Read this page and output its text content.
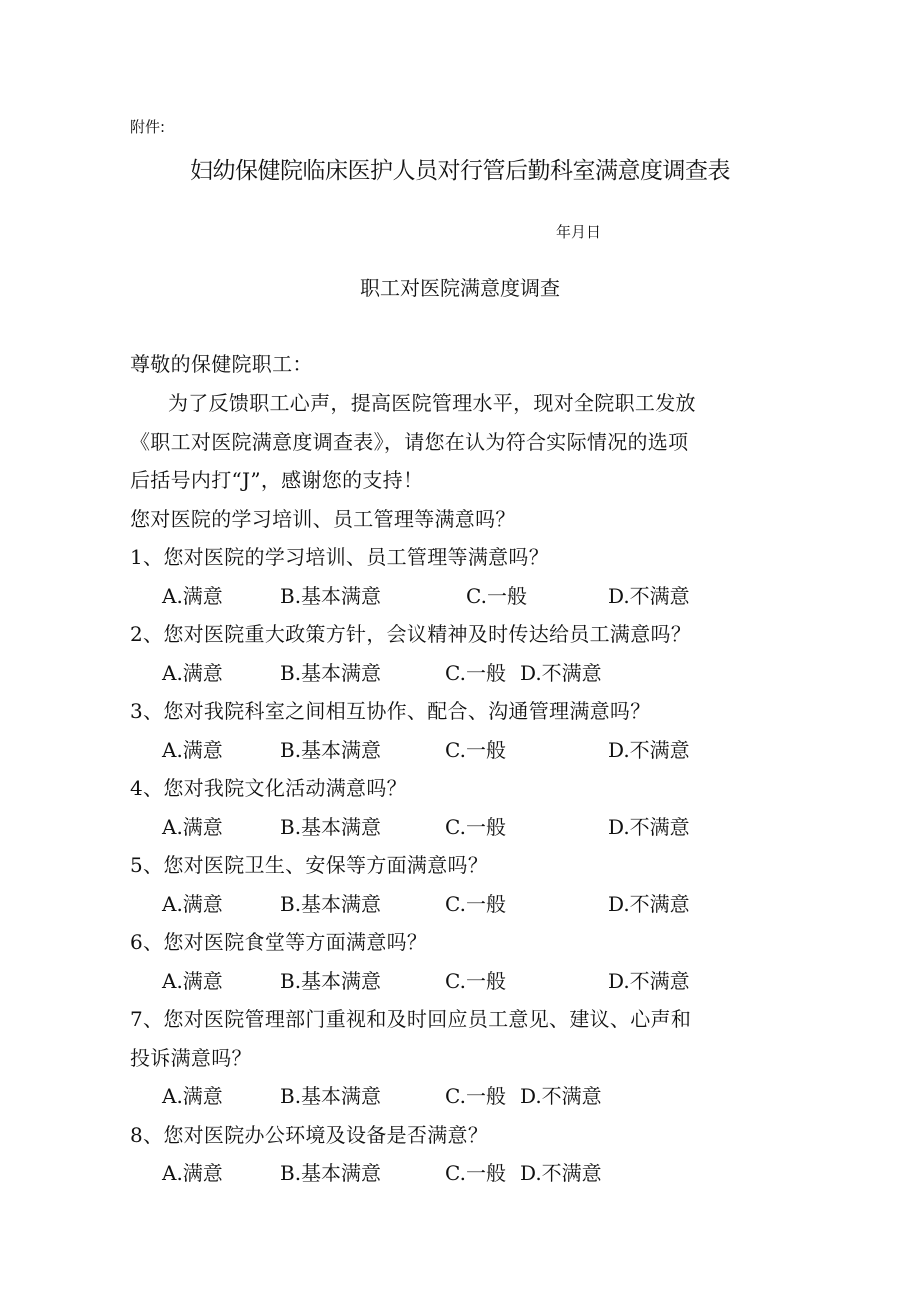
附件:
妇幼保健院临床医护人员对行管后勤科室满意度调查表
年月日
职工对医院满意度调查
尊敬的保健院职工：
为了反馈职工心声，提高医院管理水平，现对全院职工发放
《职工对医院满意度调查表》，请您在认为符合实际情况的选项
后括号内打“J”，感谢您的支持！
您对医院的学习培训、员工管理等满意吗？
1、您对医院的学习培训、员工管理等满意吗？
A.满意	B.基本满意	C.一般	D.不满意
2、您对医院重大政策方针，会议精神及时传达给员工满意吗？
A.满意	B.基本满意	C.一般 D.不满意
3、您对我院科室之间相互协作、配合、沟通管理满意吗？
A.满意	B.基本满意	C.一般	D.不满意
4、您对我院文化活动满意吗？
A.满意	B.基本满意	C.一般	D.不满意
5、您对医院卫生、安保等方面满意吗？
A.满意	B.基本满意	C.一般	D.不满意
6、您对医院食堂等方面满意吗？
A.满意	B.基本满意	C.一般	D.不满意
7、您对医院管理部门重视和及时回应员工意见、建议、心声和
投诉满意吗？
A.满意	B.基本满意	C.一般 D.不满意
8、您对医院办公环境及设备是否满意？
A.满意	B.基本满意	C.一般 D.不满意
